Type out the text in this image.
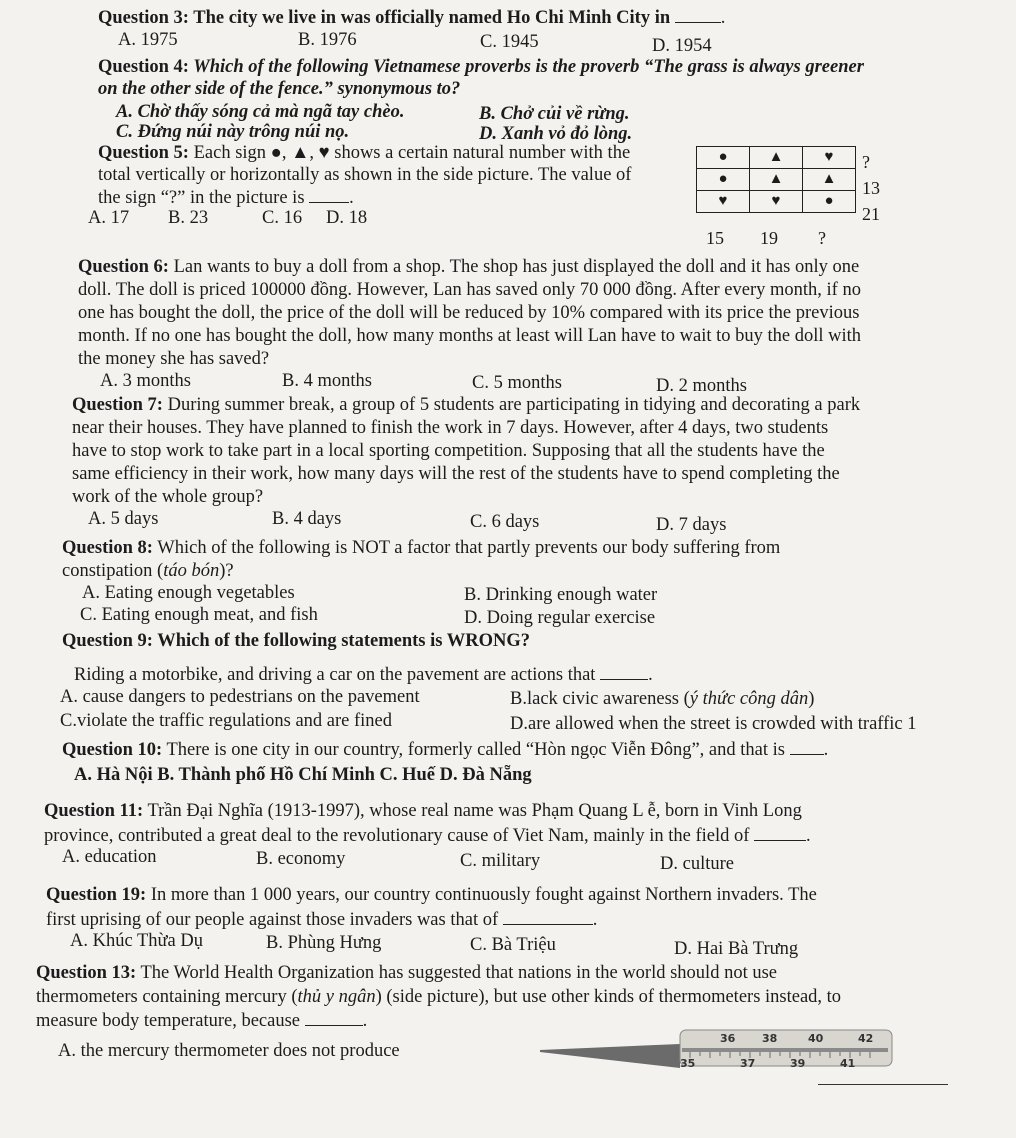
Question 3: The city we live in was officially named Ho Chi Minh City in	.
A. 1975	B. 1976	C. 1945	D. 1954
Question 4: Which of the following Vietnamese proverbs is the proverb “The grass is always greener
on the other side of the fence.” synonymous to?
A. Chờ thấy sóng cả mà ngã tay chèo.	B. Chở củi về rừng.
C. Đứng núi này trông núi nọ.	D. Xanh vỏ đỏ lòng.
Question 5: Each sign ●, ▲, ♥ shows a certain natural number with the
total vertically or horizontally as shown in the side picture. The value of
the sign “?” in the picture is .
A. 17 B. 23	C. 16 D. 18
●	▲	♥
●	▲	▲
♥	♥	●
?
13
21
15 19 ?
Question 6: Lan wants to buy a doll from a shop. The shop has just displayed the doll and it has only one
doll. The doll is priced 100000 đồng. However, Lan has saved only 70 000 đồng. After every month, if no
one has bought the doll, the price of the doll will be reduced by 10% compared with its price the previous
month. If no one has bought the doll, how many months at least will Lan have to wait to buy the doll with
the money she has saved?
A. 3 months	B. 4 months	C. 5 months	D. 2 months
Question 7: During summer break, a group of 5 students are participating in tidying and decorating a park
near their houses. They have planned to finish the work in 7 days. However, after 4 days, two students
have to stop work to take part in a local sporting competition. Supposing that all the students have the
same efficiency in their work, how many days will the rest of the students have to spend completing the
work of the whole group?
A. 5 days	B. 4 days	C. 6 days	D. 7 days
Question 8: Which of the following is NOT a factor that partly prevents our body suffering from
constipation (táo bón)?
A. Eating enough vegetables	B. Drinking enough water
C. Eating enough meat, and fish	D. Doing regular exercise
Question 9: Which of the following statements is WRONG?
Riding a motorbike, and driving a car on the pavement are actions that	.
A. cause dangers to pedestrians on the pavement	B.lack civic awareness (ý thức công dân)
C.violate the traffic regulations and are fined	D.are allowed when the street is crowded with traffic 1
Question 10: There is one city in our country, formerly called “Hòn ngọc Viễn Đông”, and that is .
A. Hà Nội B. Thành phố Hồ Chí Minh C. Huế D. Đà Nẵng
Question 11: Trần Đại Nghĩa (1913-1997), whose real name was Phạm Quang L ễ, born in Vinh Long
province, contributed a great deal to the revolutionary cause of Viet Nam, mainly in the field of	.
A. education	B. economy	C. military	D. culture
Question 19: In more than 1 000 years, our country continuously fought against Northern invaders. The
first uprising of our people against those invaders was that of	.
A. Khúc Thừa Dụ	B. Phùng Hưng	C. Bà Triệu	D. Hai Bà Trưng
Question 13: The World Health Organization has suggested that nations in the world should not use
thermometers containing mercury (thủ y ngân) (side picture), but use other kinds of thermometers instead, to
measure body temperature, because	.
A. the mercury thermometer does not produce
36 38	40	42
35	37	39	41
